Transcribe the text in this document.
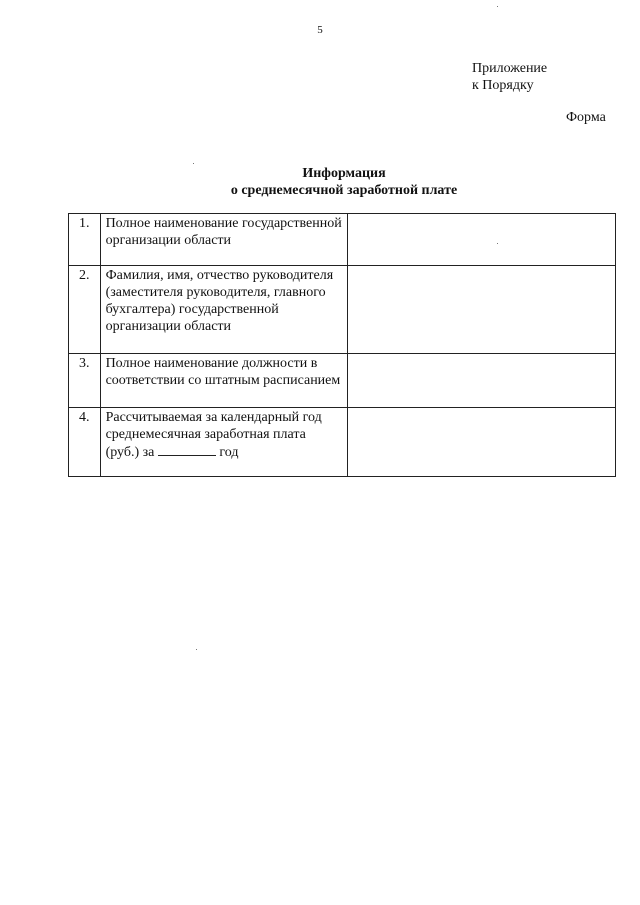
5
Приложение
к Порядку
Форма
Информация
о среднемесячной заработной плате
1.	Полное наименование государственной организации области	
2.	Фамилия, имя, отчество руководителя (заместителя руководителя, главного бухгалтера) государственной организации области	
3.	Полное наименование должности в соответствии со штатным расписанием	
4.	Рассчитываемая за календарный год среднемесячная заработная плата (руб.) за год	
